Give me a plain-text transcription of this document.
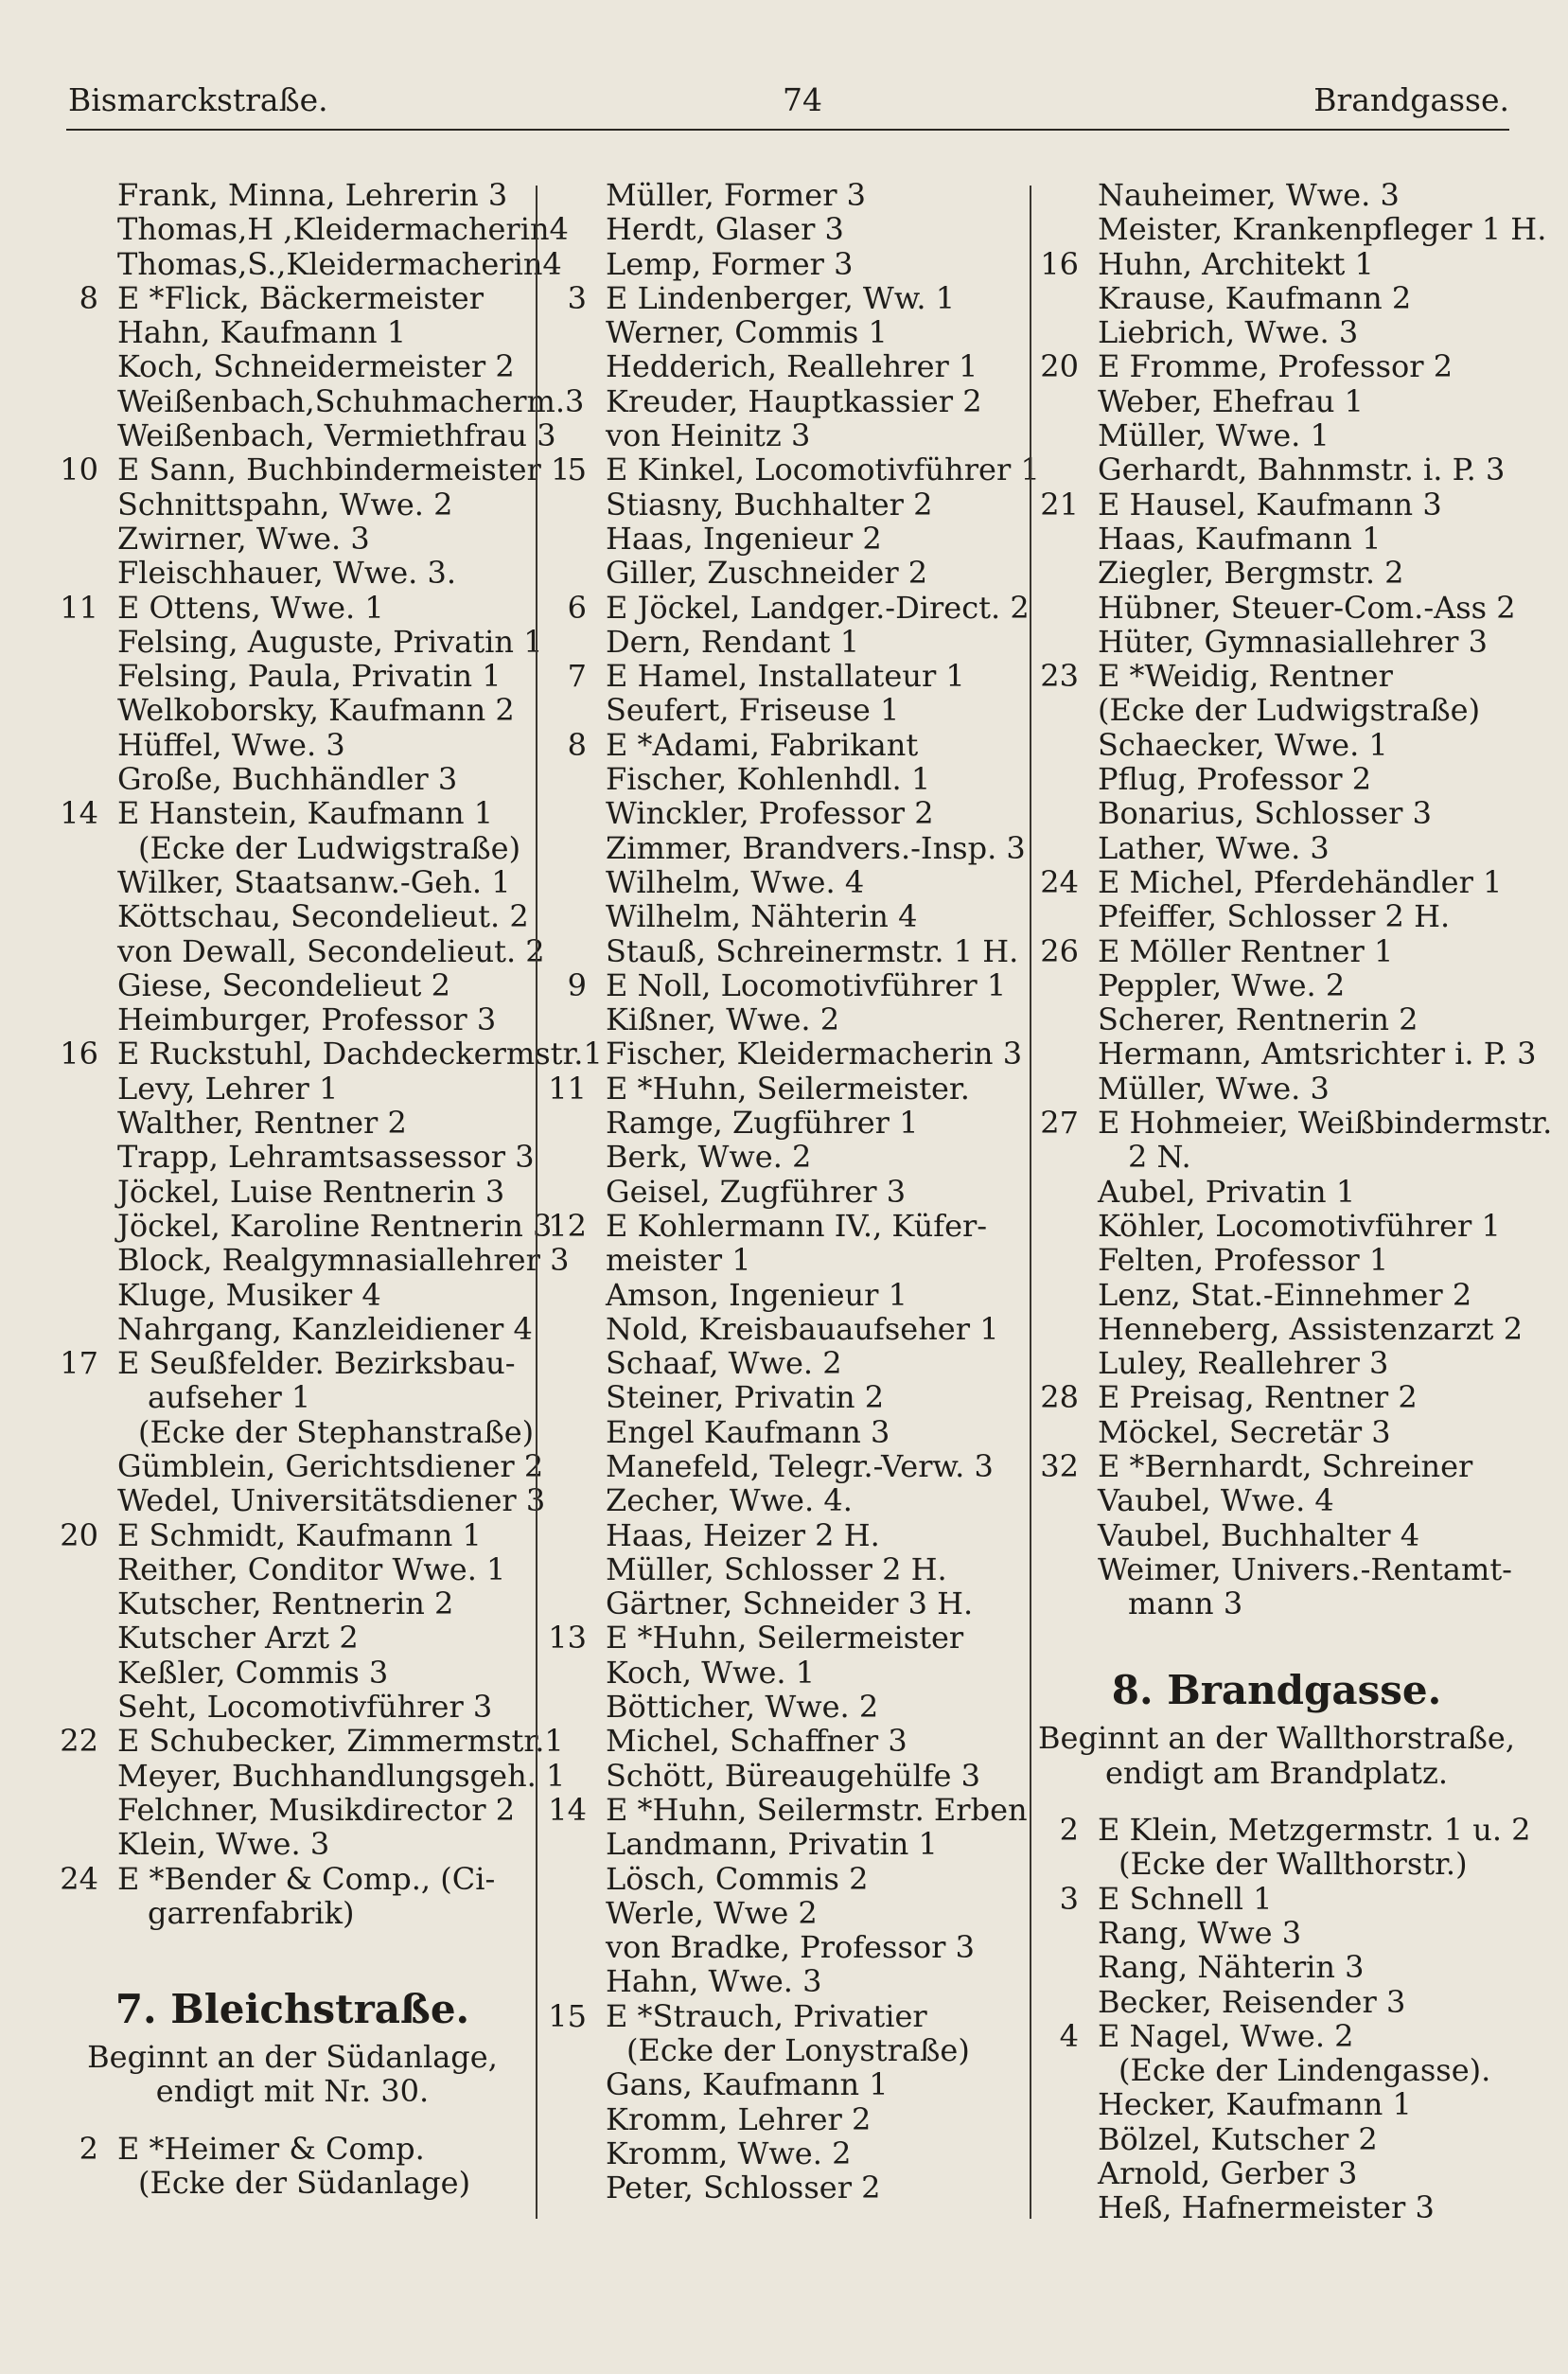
Bismarckstraße.	74	Brandgasse.
Frank, Minna, Lehrerin 3
Thomas,H ,Kleidermacherin4
Thomas,S.,Kleidermacherin4
8 E *Flick, Bäckermeister
Hahn, Kaufmann 1
Koch, Schneidermeister 2
Weißenbach,Schuhmacherm.3
Weißenbach, Vermiethfrau 3
10 E Sann, Buchbindermeister 1
Schnittspahn, Wwe. 2
Zwirner, Wwe. 3
Fleischhauer, Wwe. 3.
11 E Ottens, Wwe. 1
Felsing, Auguste, Privatin 1
Felsing, Paula, Privatin 1
Welkoborsky, Kaufmann 2
Hüffel, Wwe. 3
Große, Buchhändler 3
14 E Hanstein, Kaufmann 1
(Ecke der Ludwigstraße)
Wilker, Staatsanw.-Geh. 1
Köttschau, Secondelieut. 2
von Dewall, Secondelieut. 2
Giese, Secondelieut 2
Heimburger, Professor 3
16 E Ruckstuhl, Dachdeckermstr.1
Levy, Lehrer 1
Walther, Rentner 2
Trapp, Lehramtsassessor 3
Jöckel, Luise Rentnerin 3
Jöckel, Karoline Rentnerin 3
Block, Realgymnasiallehrer 3
Kluge, Musiker 4
Nahrgang, Kanzleidiener 4
17 E Seußfelder. Bezirksbau-
aufseher 1
(Ecke der Stephanstraße)
Gümblein, Gerichtsdiener 2
Wedel, Universitätsdiener 3
20 E Schmidt, Kaufmann 1
Reither, Conditor Wwe. 1
Kutscher, Rentnerin 2
Kutscher Arzt 2
Keßler, Commis 3
Seht, Locomotivführer 3
22 E Schubecker, Zimmermstr.1
Meyer, Buchhandlungsgeh. 1
Felchner, Musikdirector 2
Klein, Wwe. 3
24 E *Bender & Comp., (Ci-
garrenfabrik)
7. Bleichstraße.
Beginnt an der Südanlage,
endigt mit Nr. 30.
2 E *Heimer & Comp.
(Ecke der Südanlage)
Müller, Former 3
Herdt, Glaser 3
Lemp, Former 3
3 E Lindenberger, Ww. 1
Werner, Commis 1
Hedderich, Reallehrer 1
Kreuder, Hauptkassier 2
von Heinitz 3
5 E Kinkel, Locomotivführer 1
Stiasny, Buchhalter 2
Haas, Ingenieur 2
Giller, Zuschneider 2
6 E Jöckel, Landger.-Direct. 2
Dern, Rendant 1
7 E Hamel, Installateur 1
Seufert, Friseuse 1
8 E *Adami, Fabrikant
Fischer, Kohlenhdl. 1
Winckler, Professor 2
Zimmer, Brandvers.-Insp. 3
Wilhelm, Wwe. 4
Wilhelm, Nähterin 4
Stauß, Schreinermstr. 1 H.
9 E Noll, Locomotivführer 1
Kißner, Wwe. 2
Fischer, Kleidermacherin 3
11 E *Huhn, Seilermeister.
Ramge, Zugführer 1
Berk, Wwe. 2
Geisel, Zugführer 3
12 E Kohlermann IV., Küfer-
meister 1
Amson, Ingenieur 1
Nold, Kreisbauaufseher 1
Schaaf, Wwe. 2
Steiner, Privatin 2
Engel Kaufmann 3
Manefeld, Telegr.-Verw. 3
Zecher, Wwe. 4.
Haas, Heizer 2 H.
Müller, Schlosser 2 H.
Gärtner, Schneider 3 H.
13 E *Huhn, Seilermeister
Koch, Wwe. 1
Bötticher, Wwe. 2
Michel, Schaffner 3
Schött, Büreaugehülfe 3
14 E *Huhn, Seilermstr. Erben
Landmann, Privatin 1
Lösch, Commis 2
Werle, Wwe 2
von Bradke, Professor 3
Hahn, Wwe. 3
15 E *Strauch, Privatier
(Ecke der Lonystraße)
Gans, Kaufmann 1
Kromm, Lehrer 2
Kromm, Wwe. 2
Peter, Schlosser 2
Nauheimer, Wwe. 3
Meister, Krankenpfleger 1 H.
16 Huhn, Architekt 1
Krause, Kaufmann 2
Liebrich, Wwe. 3
20 E Fromme, Professor 2
Weber, Ehefrau 1
Müller, Wwe. 1
Gerhardt, Bahnmstr. i. P. 3
21 E Hausel, Kaufmann 3
Haas, Kaufmann 1
Ziegler, Bergmstr. 2
Hübner, Steuer-Com.-Ass 2
Hüter, Gymnasiallehrer 3
23 E *Weidig, Rentner
(Ecke der Ludwigstraße)
Schaecker, Wwe. 1
Pflug, Professor 2
Bonarius, Schlosser 3
Lather, Wwe. 3
24 E Michel, Pferdehändler 1
Pfeiffer, Schlosser 2 H.
26 E Möller Rentner 1
Peppler, Wwe. 2
Scherer, Rentnerin 2
Hermann, Amtsrichter i. P. 3
Müller, Wwe. 3
27 E Hohmeier, Weißbindermstr.
2 N.
Aubel, Privatin 1
Köhler, Locomotivführer 1
Felten, Professor 1
Lenz, Stat.-Einnehmer 2
Henneberg, Assistenzarzt 2
Luley, Reallehrer 3
28 E Preisag, Rentner 2
Möckel, Secretär 3
32 E *Bernhardt, Schreiner
Vaubel, Wwe. 4
Vaubel, Buchhalter 4
Weimer, Univers.-Rentamt-
mann 3
8. Brandgasse.
Beginnt an der Wallthorstraße,
endigt am Brandplatz.
2 E Klein, Metzgermstr. 1 u. 2
(Ecke der Wallthorstr.)
3 E Schnell 1
Rang, Wwe 3
Rang, Nähterin 3
Becker, Reisender 3
4 E Nagel, Wwe. 2
(Ecke der Lindengasse).
Hecker, Kaufmann 1
Bölzel, Kutscher 2
Arnold, Gerber 3
Heß, Hafnermeister 3
